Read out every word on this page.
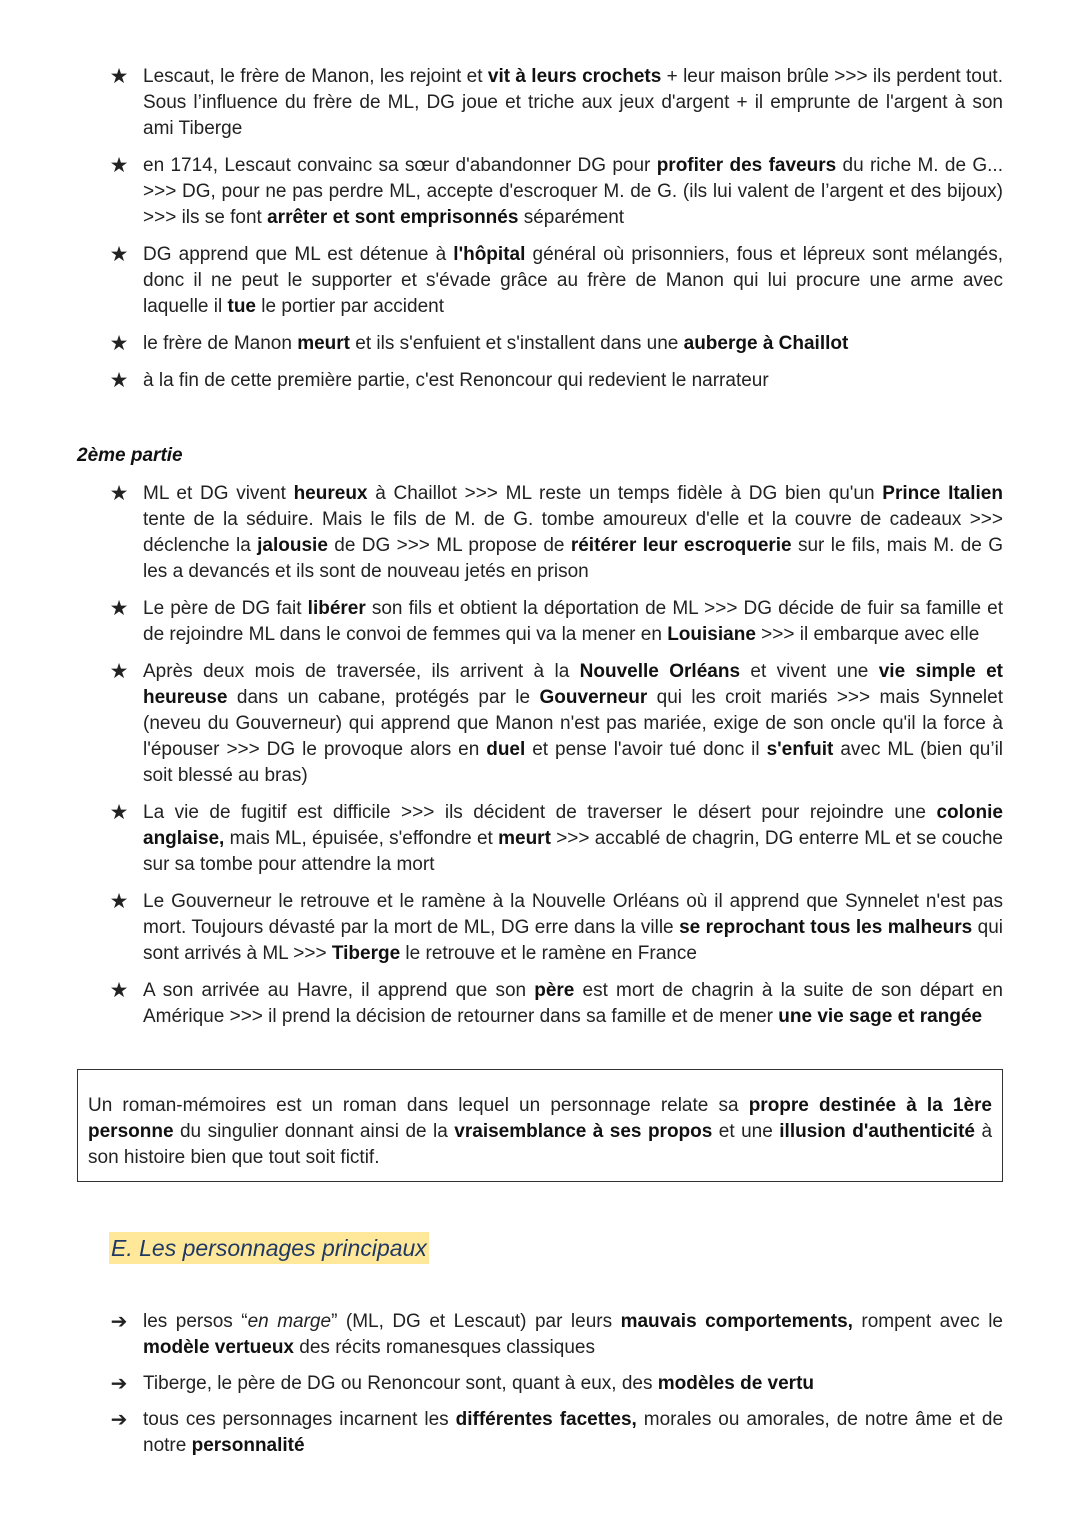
★ Lescaut, le frère de Manon, les rejoint et vit à leurs crochets + leur maison brûle >>> ils perdent tout. Sous l’influence du frère de ML, DG joue et triche aux jeux d'argent + il emprunte de l'argent à son ami Tiberge
★ en 1714, Lescaut convainc sa sœur d'abandonner DG pour profiter des faveurs du riche M. de G... >>> DG, pour ne pas perdre ML, accepte d'escroquer M. de G. (ils lui valent de l’argent et des bijoux) >>> ils se font arrêter et sont emprisonnés séparément
★ DG apprend que ML est détenue à l'hôpital général où prisonniers, fous et lépreux sont mélangés, donc il ne peut le supporter et s'évade grâce au frère de Manon qui lui procure une arme avec laquelle il tue le portier par accident
★ le frère de Manon meurt et ils s'enfuient et s'installent dans une auberge à Chaillot
★ à la fin de cette première partie, c'est Renoncour qui redevient le narrateur
2ème partie
★ ML et DG vivent heureux à Chaillot >>> ML reste un temps fidèle à DG bien qu'un Prince Italien tente de la séduire. Mais le fils de M. de G. tombe amoureux d'elle et la couvre de cadeaux >>> déclenche la jalousie de DG >>> ML propose de réitérer leur escroquerie sur le fils, mais M. de G les a devancés et ils sont de nouveau jetés en prison
★ Le père de DG fait libérer son fils et obtient la déportation de ML >>> DG décide de fuir sa famille et de rejoindre ML dans le convoi de femmes qui va la mener en Louisiane >>> il embarque avec elle
★ Après deux mois de traversée, ils arrivent à la Nouvelle Orléans et vivent une vie simple et heureuse dans un cabane, protégés par le Gouverneur qui les croit mariés >>> mais Synnelet (neveu du Gouverneur) qui apprend que Manon n'est pas mariée, exige de son oncle qu'il la force à l'épouser >>> DG le provoque alors en duel et pense l'avoir tué donc il s'enfuit avec ML (bien qu’il soit blessé au bras)
★ La vie de fugitif est difficile >>> ils décident de traverser le désert pour rejoindre une colonie anglaise, mais ML, épuisée, s'effondre et meurt >>> accablé de chagrin, DG enterre ML et se couche sur sa tombe pour attendre la mort
★ Le Gouverneur le retrouve et le ramène à la Nouvelle Orléans où il apprend que Synnelet n'est pas mort. Toujours dévasté par la mort de ML, DG erre dans la ville se reprochant tous les malheurs qui sont arrivés à ML >>> Tiberge le retrouve et le ramène en France
★ A son arrivée au Havre, il apprend que son père est mort de chagrin à la suite de son départ en Amérique >>> il prend la décision de retourner dans sa famille et de mener une vie sage et rangée
Un roman-mémoires est un roman dans lequel un personnage relate sa propre destinée à la 1ère personne du singulier donnant ainsi de la vraisemblance à ses propos et une illusion d'authenticité à son histoire bien que tout soit fictif.
E. Les personnages principaux
➔ les persos “en marge” (ML, DG et Lescaut) par leurs mauvais comportements, rompent avec le modèle vertueux des récits romanesques classiques
➔ Tiberge, le père de DG ou Renoncour sont, quant à eux, des modèles de vertu
➔ tous ces personnages incarnent les différentes facettes, morales ou amorales, de notre âme et de notre personnalité
